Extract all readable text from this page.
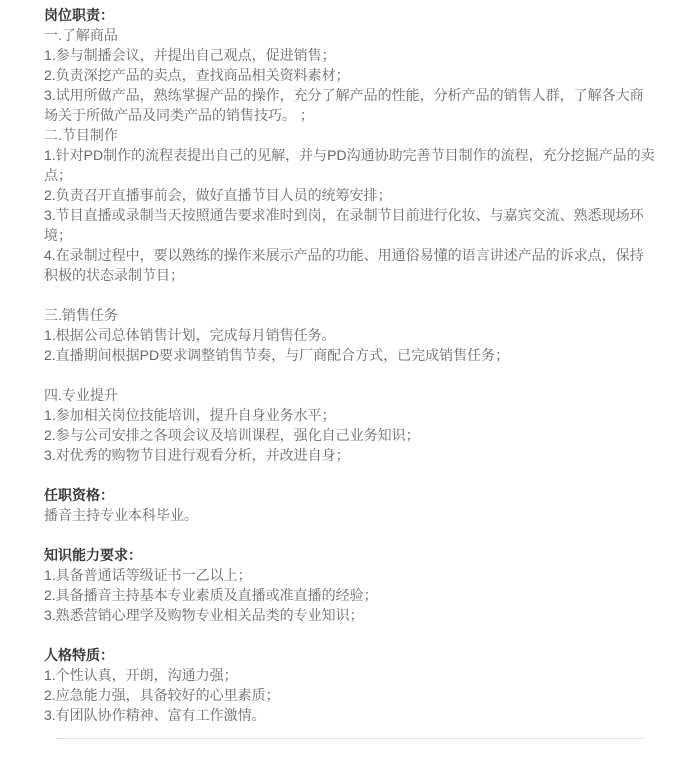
岗位职责：
一.了解商品
1.参与制播会议，并提出自己观点，促进销售；
2.负责深挖产品的卖点，查找商品相关资料素材；
3.试用所做产品，熟练掌握产品的操作，充分了解产品的性能，分析产品的销售人群，了解各大商场关于所做产品及同类产品的销售技巧。 ；
二.节目制作
1.针对PD制作的流程表提出自己的见解，并与PD沟通协助完善节目制作的流程，充分挖掘产品的卖点；
2.负责召开直播事前会，做好直播节目人员的统筹安排；
3.节目直播或录制当天按照通告要求准时到岗，在录制节目前进行化妆、与嘉宾交流、熟悉现场环境；
4.在录制过程中，要以熟练的操作来展示产品的功能、用通俗易懂的语言讲述产品的诉求点，保持积极的状态录制节目；
三.销售任务
1.根据公司总体销售计划，完成每月销售任务。
2.直播期间根据PD要求调整销售节奏，与厂商配合方式，已完成销售任务；
四.专业提升
1.参加相关岗位技能培训，提升自身业务水平；
2.参与公司安排之各项会议及培训课程，强化自己业务知识；
3.对优秀的购物节目进行观看分析，并改进自身；
任职资格：
播音主持专业本科毕业。
知识能力要求：
1.具备普通话等级证书一乙以上；
2.具备播音主持基本专业素质及直播或准直播的经验；
3.熟悉营销心理学及购物专业相关品类的专业知识；
人格特质：
1.个性认真，开朗，沟通力强；
2.应急能力强，具备较好的心里素质；
3.有团队协作精神、富有工作激情。
